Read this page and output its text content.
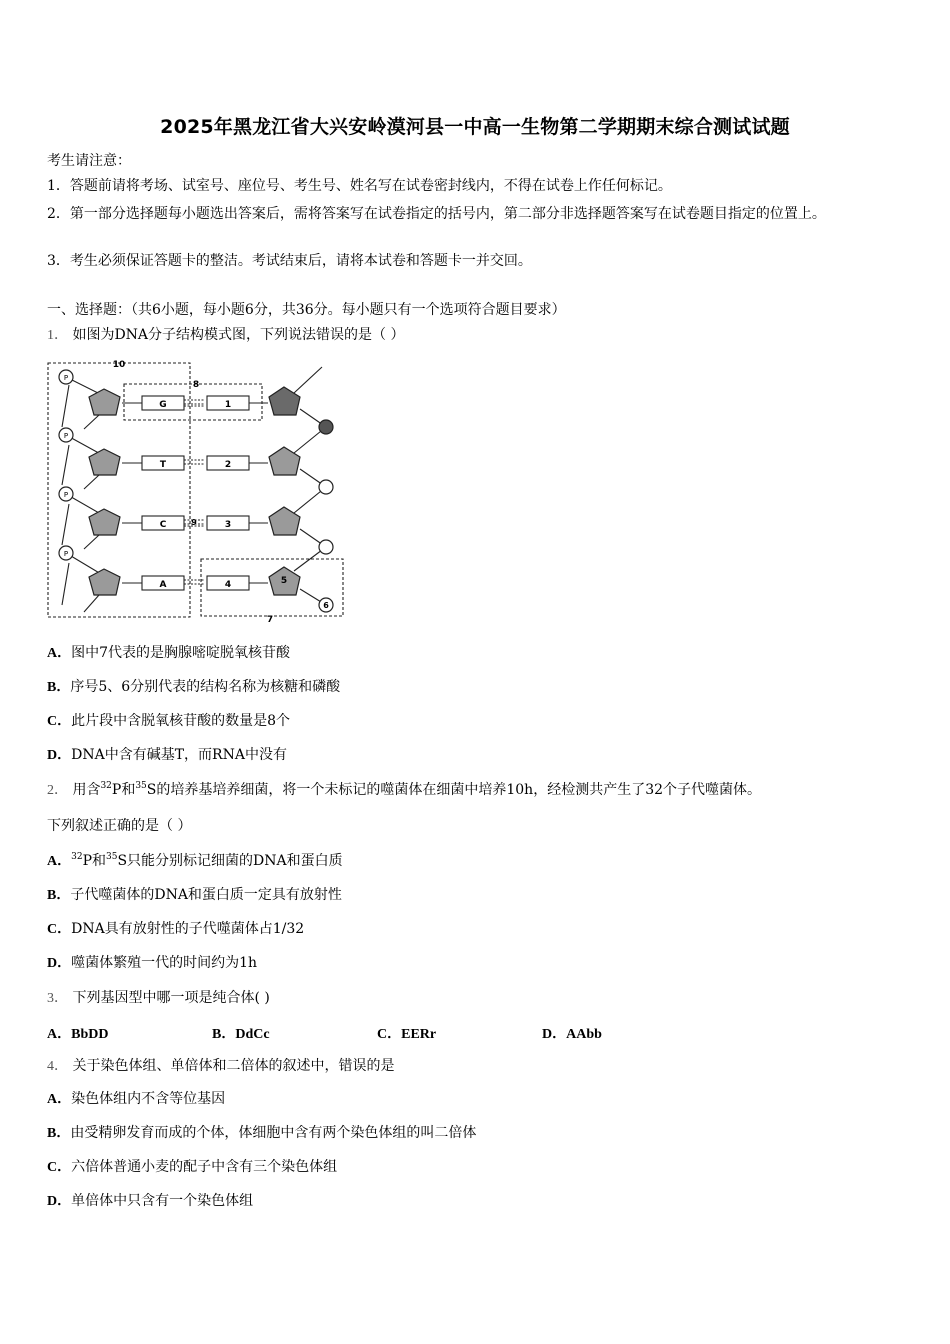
2025年黑龙江省大兴安岭漠河县一中高一生物第二学期期末综合测试试题
考生请注意：
1．答题前请将考场、试室号、座位号、考生号、姓名写在试卷密封线内，不得在试卷上作任何标记。
2．第一部分选择题每小题选出答案后，需将答案写在试卷指定的括号内，第二部分非选择题答案写在试卷题目指定的位置上。
3．考生必须保证答题卡的整洁。考试结束后，请将本试卷和答题卡一并交回。
一、选择题：（共6小题，每小题6分，共36分。每小题只有一个选项符合题目要求）
1． 如图为DNA分子结构模式图，下列说法错误的是（ ）
P
P
P
P
G
T
C
A
1
2
3
4
10
8
9
5
6
7
A．图中7代表的是胸腺嘧啶脱氧核苷酸
B．序号5、6分别代表的结构名称为核糖和磷酸
C．此片段中含脱氧核苷酸的数量是8个
D．DNA中含有碱基T，而RNA中没有
2． 用含$^{32}$P和$^{35}$S的培养基培养细菌，将一个未标记的噬菌体在细菌中培养10h，经检测共产生了32个子代噬菌体。
下列叙述正确的是（ ）
A．$^{32}$P和$^{35}$S只能分别标记细菌的DNA和蛋白质
B．子代噬菌体的DNA和蛋白质一定具有放射性
C．DNA具有放射性的子代噬菌体占1/32
D．噬菌体繁殖一代的时间约为1h
3． 下列基因型中哪一项是纯合体( )
A．BbDD	B．DdCc	C．EERr	D．AAbb
4． 关于染色体组、单倍体和二倍体的叙述中，错误的是
A．染色体组内不含等位基因
B．由受精卵发育而成的个体，体细胞中含有两个染色体组的叫二倍体
C．六倍体普通小麦的配子中含有三个染色体组
D．单倍体中只含有一个染色体组
